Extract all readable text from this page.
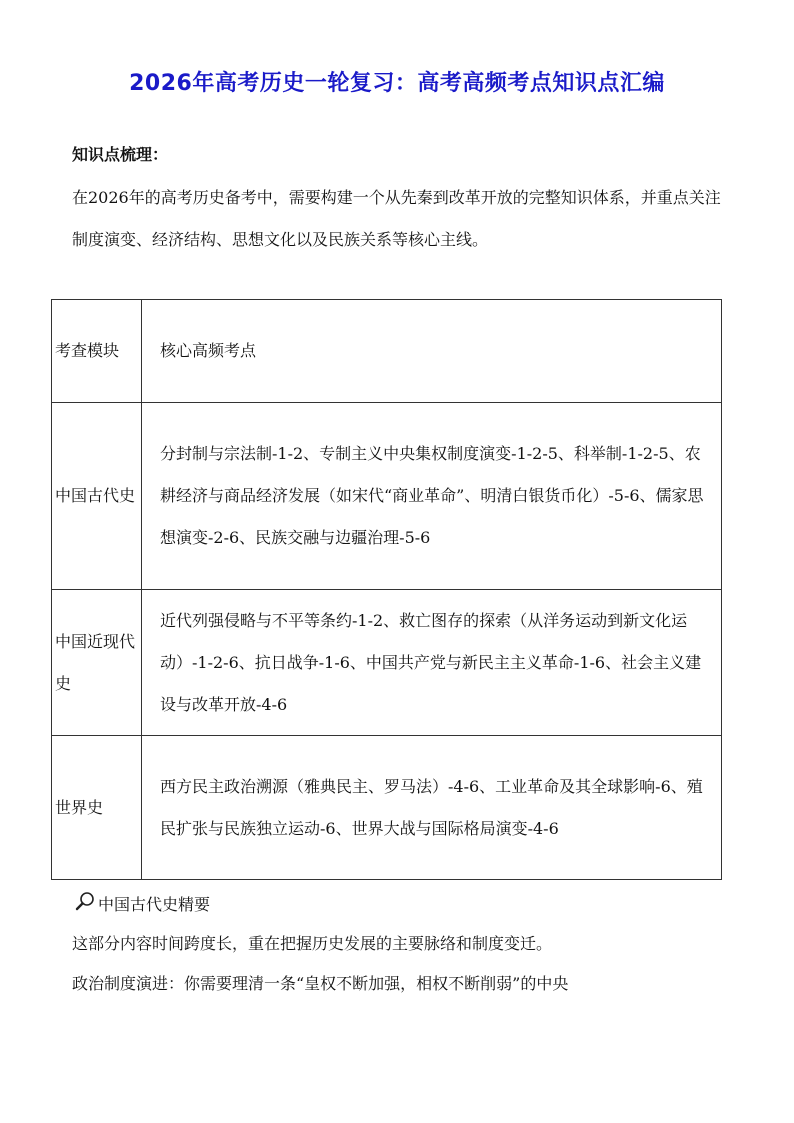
2026年高考历史一轮复习：高考高频考点知识点汇编
知识点梳理：
在2026年的高考历史备考中，需要构建一个从先秦到改革开放的完整知识体系，并重点关注制度演变、经济结构、思想文化以及民族关系等核心主线。
考查模块	核心高频考点
中国古代史	分封制与宗法制-1-2、专制主义中央集权制度演变-1-2-5、科举制-1-2-5、农耕经济与商品经济发展（如宋代“商业革命”、明清白银货币化）-5-6、儒家思想演变-2-6、民族交融与边疆治理-5-6
中国近现代史	近代列强侵略与不平等条约-1-2、救亡图存的探索（从洋务运动到新文化运动）-1-2-6、抗日战争-1-6、中国共产党与新民主主义革命-1-6、社会主义建设与改革开放-4-6
世界史	西方民主政治溯源（雅典民主、罗马法）-4-6、工业革命及其全球影响-6、殖民扩张与民族独立运动-6、世界大战与国际格局演变-4-6
中国古代史精要
这部分内容时间跨度长，重在把握历史发展的主要脉络和制度变迁。
政治制度演进：你需要理清一条“皇权不断加强，相权不断削弱”的中央
